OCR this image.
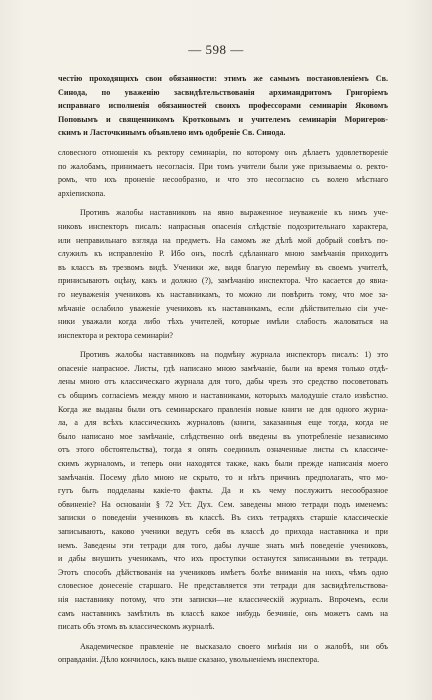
— 598 —
честію проходящихъ свои обязанности: этимъ же самымъ постановленіемъ Св.
Синода, по уваженію засвидѣтельствованія архимандритомъ Григоріемъ
исправнаго исполненія обязанностей своихъ профессорами семинаріи Яковомъ
Поповымъ и священникомъ Кротковымъ и учителемъ семинаріи Моригеров-
скимъ и Ласточкинымъ объявлено имъ одобреніе Св. Синода.
словесного отношенія къ ректору семинаріи, по которому онъ дѣлаетъ удовлетвореніе
по жалобамъ, принимаетъ несогласія. При томъ учители были уже призываемы о. ректо-
ромъ, что ихъ проненіе несообразно, и что это несогласно съ волею мѣстнаго
архіепископа.
Противъ жалобы наставниковъ на явно выраженное неуваженіе къ нимъ уче-
никовъ инспекторъ писалъ: напрасныя опасенія слѣдствіе подозрительнаго характера,
или неправильнаго взгляда на предметъ. На самомъ же дѣлѣ мой добрый совѣтъ по-
служилъ къ исправленію Р. Ибо онъ, послѣ сдѣланнаго мною замѣчанія приходитъ
въ классъ въ трезвомъ видѣ. Ученики же, видя благую перемѣну въ своемъ учителѣ,
принисываютъ оцѣну, какъ и должно (?), замѣчанію инспектора. Что касается до явна-
го неуваженія учениковъ къ наставникамъ, то можно ли повѣрить тому, что мое за-
мѣчаніе ослабило уваженіе учениковъ къ наставникамъ, если дѣйствительно сіи учe-
ники уважали когда либо тѣхъ учителей, которые имѣли слабость жаловаться на
инспектора и ректора семинаріи?
Противъ жалобы наставниковъ на подмѣну журнала инспекторъ писалъ: 1) это
опасеніе напрасное. Листы, гдѣ написано мною замѣчаніе, были на время только отдѣ-
лены мною отъ классическаго журнала для того, дабы чрезъ это средство посоветовать
съ общимъ согласіемъ между мною и наставниками, которыхъ малодушіе стало извѣстно.
Когда же выданы были отъ семинарскаго правленія новые книги не для одного журна-
ла, а для всѣхъ классическихъ журналовъ (книги, заказанныя еще тогда, когда не
было написано мое замѣчаніе, слѣдственно онѣ введены въ употребленіе независимо
отъ этого обстоятельства), тогда я опять соединилъ означенные листы съ классиче-
скимъ журналомъ, и теперь они находятся также, какъ были прежде написанія моего
замѣчанія. Посему дѣло мною не скрыто, то и нѣтъ причинъ предполагать, что мо-
гутъ быть подделаны какіе-то факты. Да и къ чему послужитъ несообразное
обвиненіе? На основаніи § 72 Уст. Дух. Сем. заведены мною тетради подъ именемъ:
записки о поведеніи учениковъ въ классѣ. Въ сихъ тетрадяхъ старшіе классическіе
записываютъ, каково ученики ведутъ себя въ классѣ до прихода наставника и при
немъ. Заведены эти тетради для того, дабы лучше знать мнѣ поведеніе учениковъ,
и дабы внушить ученикамъ, что ихъ проступки останутся записанными въ тетради.
Этотъ способъ дѣйствованія на учениковъ имѣетъ болѣе вниманія на нихъ, чѣмъ одно
словесное донесеніе старшаго. Не представляется эти тетради для засвидѣтельствова-
нія наставнику потому, что эти записки—не классическій журналъ. Впрочемъ, если
самъ наставникъ замѣтилъ въ классѣ какое нибудь безчиніе, онъ можетъ самъ на
писать объ этомъ въ классическомъ журналѣ.
Академическое правленіе не высказало своего мнѣнія ни о жалобѣ, ни объ
оправданіи. Дѣло кончилось, какъ выше сказано, увольненіемъ инспектора.
